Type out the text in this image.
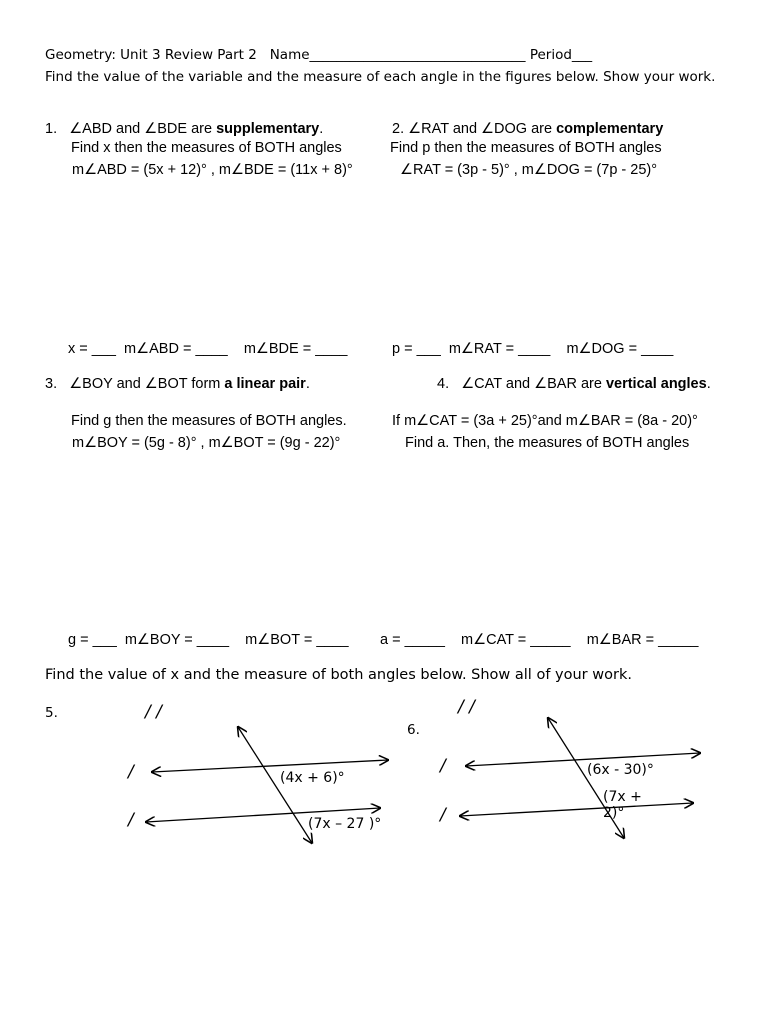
Geometry: Unit 3 Review Part 2 Name________________________________ Period___
Find the value of the variable and the measure of each angle in the figures below. Show your work.
1. ∠ABD and ∠BDE are supplementary.
Find x then the measures of BOTH angles
m∠ABD = (5x + 12)° , m∠BDE = (11x + 8)°
2. ∠RAT and ∠DOG are complementary
Find p then the measures of BOTH angles
∠RAT = (3p - 5)° , m∠DOG = (7p - 25)°
x = ___  m∠ABD = ____    m∠BDE = ____	p = ___  m∠RAT = ____    m∠DOG = ____
3. ∠BOY and ∠BOT form a linear pair.
Find g then the measures of BOTH angles.
m∠BOY = (5g - 8)° , m∠BOT = (9g - 22)°
4. ∠CAT and ∠BAR are vertical angles.
If m∠CAT = (3a + 25)°and m∠BAR = (8a - 20)°
Find a. Then, the measures of BOTH angles
g = ___  m∠BOY = ____    m∠BOT = ____ a = _____    m∠CAT = _____    m∠BAR = _____
Find the value of x and the measure of both angles below. Show all of your work.
5.	/ /
/
/
(4x + 6)°
(7x – 27 )°
6.
/ /
/
/
(6x - 30)°
(7x +
2)°
